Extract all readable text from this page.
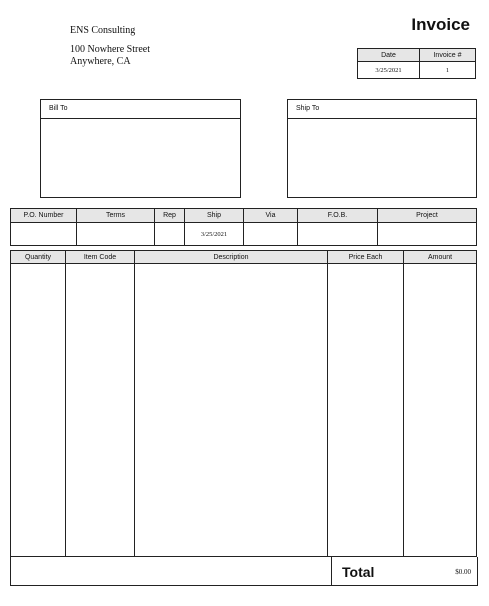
ENS Consulting
100 Nowhere Street
Anywhere, CA
Invoice
Date	Invoice #
3/25/2021	1
Bill To	Ship To
P.O. Number	Terms	Rep	Ship	Via	F.O.B.	Project
			3/25/2021			
Quantity	Item Code	Description	Price Each	Amount

Total	$0.00
